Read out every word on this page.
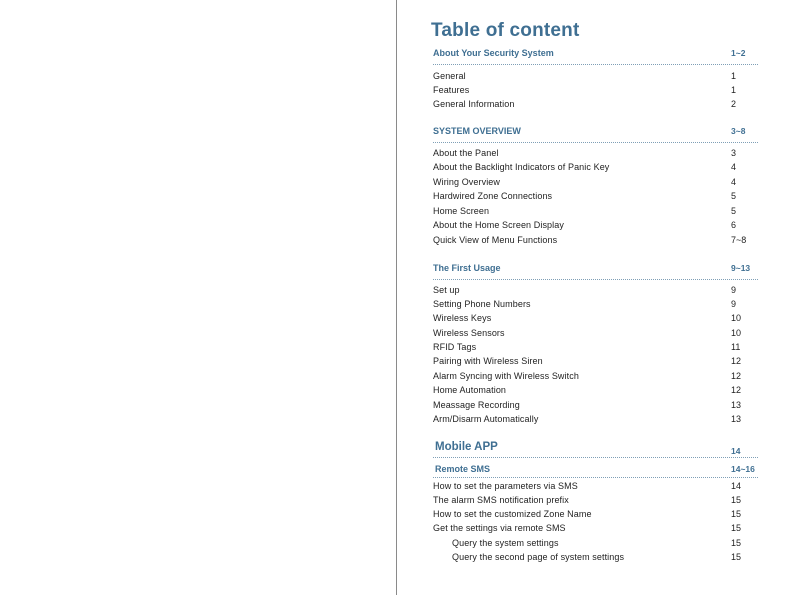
Table of content
About Your Security System	1~2
General	1
Features	1
General Information	2
SYSTEM OVERVIEW	3~8
About the Panel	3
About the Backlight Indicators of Panic Key	4
Wiring Overview	4
Hardwired Zone Connections	5
Home Screen	5
About the Home Screen Display	6
Quick View of Menu Functions	7~8
The First Usage	9~13
Set up	9
Setting Phone Numbers	9
Wireless Keys	10
Wireless Sensors	10
RFID Tags	11
Pairing with Wireless Siren	12
Alarm Syncing with Wireless Switch	12
Home Automation	12
Meassage Recording	13
Arm/Disarm Automatically	13
Mobile APP	14
Remote SMS	14~16
How to set the parameters via SMS	14
The alarm SMS notification prefix	15
How to set the customized Zone Name	15
Get the settings via remote SMS	15
Query the system settings	15
Query the second page of system settings	15
